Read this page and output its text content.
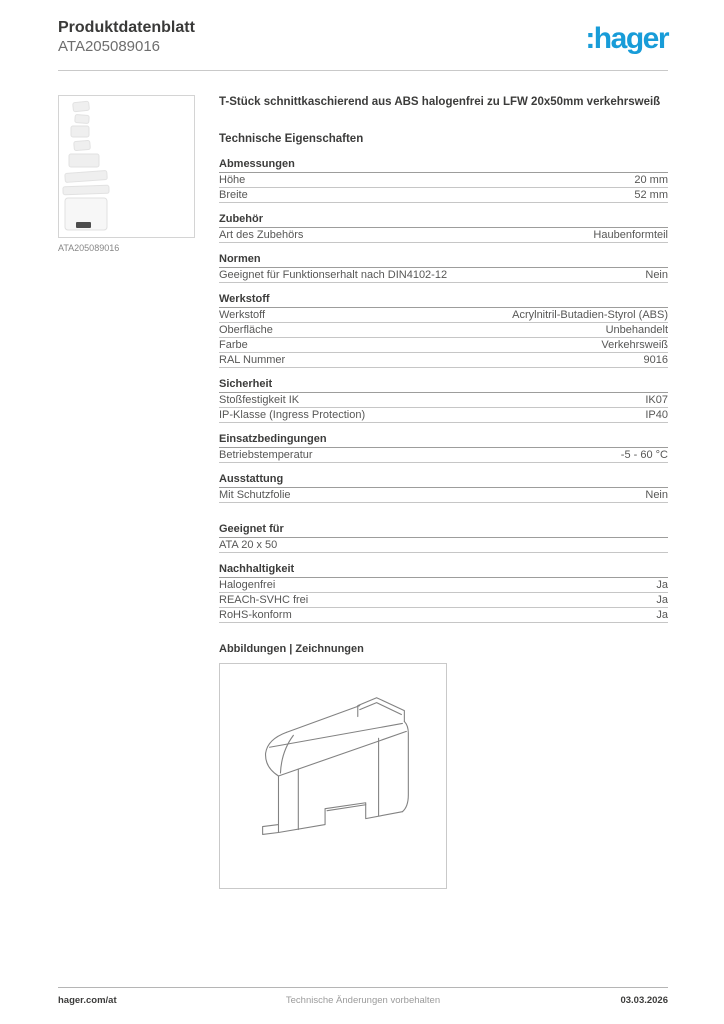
Produktdatenblatt
ATA205089016	:hager
ATA205089016
T-Stück schnittkaschierend aus ABS halogenfrei zu LFW 20x50mm verkehrsweiß
Technische Eigenschaften
Abmessungen
Höhe	20 mm
Breite	52 mm
Zubehör
Art des Zubehörs	Haubenformteil
Normen
Geeignet für Funktionserhalt nach DIN4102-12	Nein
Werkstoff
Werkstoff	Acrylnitril-Butadien-Styrol (ABS)
Oberfläche	Unbehandelt
Farbe	Verkehrsweiß
RAL Nummer	9016
Sicherheit
Stoßfestigkeit IK	IK07
IP-Klasse (Ingress Protection)	IP40
Einsatzbedingungen
Betriebstemperatur	-5 - 60 °C
Ausstattung
Mit Schutzfolie	Nein
Geeignet für
ATA 20 x 50
Nachhaltigkeit
Halogenfrei	Ja
REACh-SVHC frei	Ja
RoHS-konform	Ja
Abbildungen | Zeichnungen
hager.com/at	Technische Änderungen vorbehalten	03.03.2026
